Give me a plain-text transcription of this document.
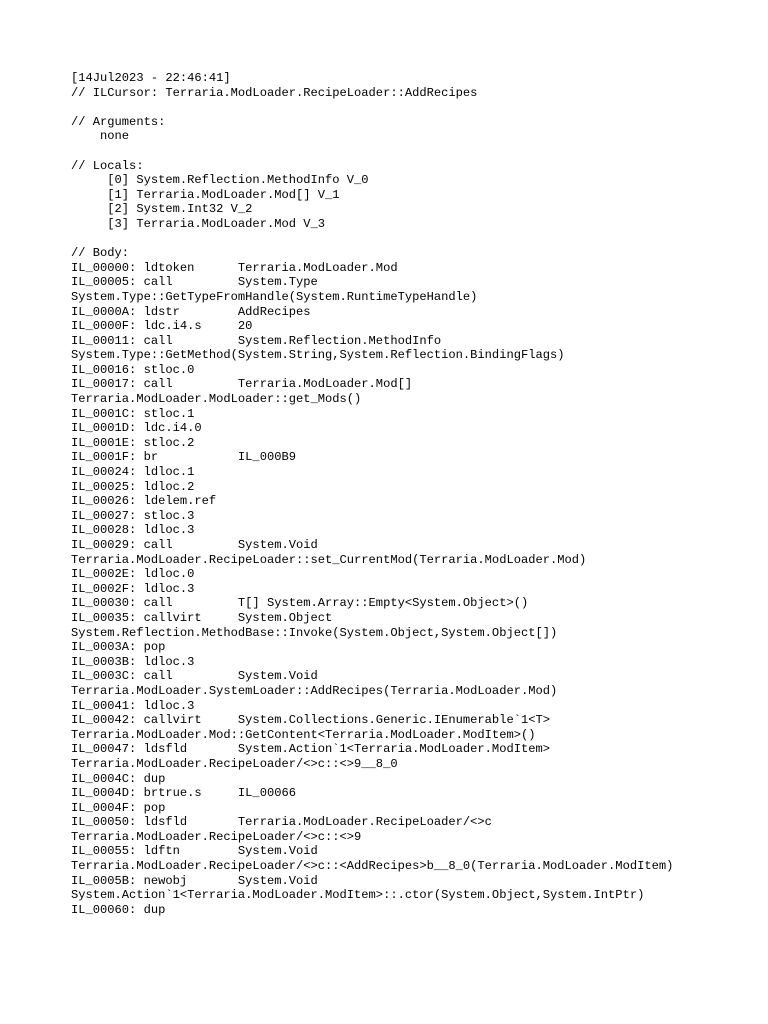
[14Jul2023 - 22:46:41]
// ILCursor: Terraria.ModLoader.RecipeLoader::AddRecipes
// Arguments:
none
// Locals:
[0] System.Reflection.MethodInfo V_0
[1] Terraria.ModLoader.Mod[] V_1
[2] System.Int32 V_2
[3] Terraria.ModLoader.Mod V_3
// Body:
IL_00000: ldtoken      Terraria.ModLoader.Mod
IL_00005: call         System.Type
System.Type::GetTypeFromHandle(System.RuntimeTypeHandle)
IL_0000A: ldstr        AddRecipes
IL_0000F: ldc.i4.s     20
IL_00011: call         System.Reflection.MethodInfo
System.Type::GetMethod(System.String,System.Reflection.BindingFlags)
IL_00016: stloc.0
IL_00017: call         Terraria.ModLoader.Mod[]
Terraria.ModLoader.ModLoader::get_Mods()
IL_0001C: stloc.1
IL_0001D: ldc.i4.0
IL_0001E: stloc.2
IL_0001F: br           IL_000B9
IL_00024: ldloc.1
IL_00025: ldloc.2
IL_00026: ldelem.ref
IL_00027: stloc.3
IL_00028: ldloc.3
IL_00029: call         System.Void
Terraria.ModLoader.RecipeLoader::set_CurrentMod(Terraria.ModLoader.Mod)
IL_0002E: ldloc.0
IL_0002F: ldloc.3
IL_00030: call         T[] System.Array::Empty<System.Object>()
IL_00035: callvirt     System.Object
System.Reflection.MethodBase::Invoke(System.Object,System.Object[])
IL_0003A: pop
IL_0003B: ldloc.3
IL_0003C: call         System.Void
Terraria.ModLoader.SystemLoader::AddRecipes(Terraria.ModLoader.Mod)
IL_00041: ldloc.3
IL_00042: callvirt     System.Collections.Generic.IEnumerable`1<T>
Terraria.ModLoader.Mod::GetContent<Terraria.ModLoader.ModItem>()
IL_00047: ldsfld       System.Action`1<Terraria.ModLoader.ModItem>
Terraria.ModLoader.RecipeLoader/<>c::<>9__8_0
IL_0004C: dup
IL_0004D: brtrue.s     IL_00066
IL_0004F: pop
IL_00050: ldsfld       Terraria.ModLoader.RecipeLoader/<>c
Terraria.ModLoader.RecipeLoader/<>c::<>9
IL_00055: ldftn        System.Void
Terraria.ModLoader.RecipeLoader/<>c::<AddRecipes>b__8_0(Terraria.ModLoader.ModItem)
IL_0005B: newobj       System.Void
System.Action`1<Terraria.ModLoader.ModItem>::.ctor(System.Object,System.IntPtr)
IL_00060: dup
